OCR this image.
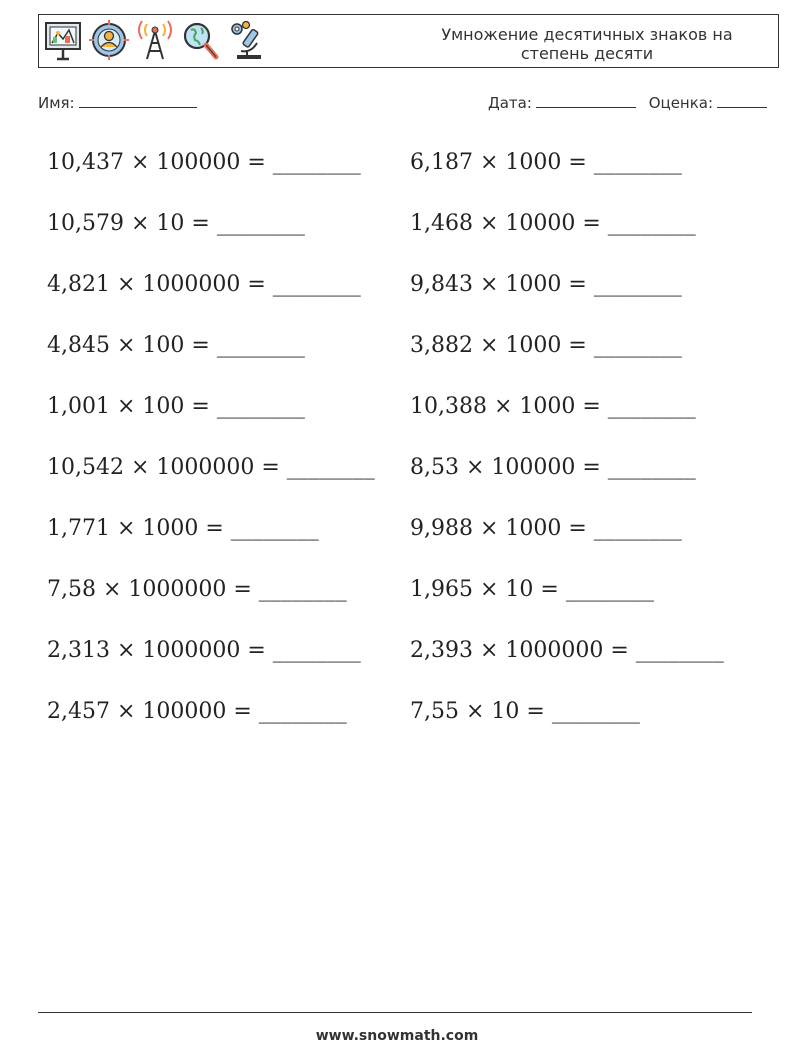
Умножение десятичных знаков на степень десяти
Имя:	Дата:	Оценка:
10,437 × 100000 = ________
10,579 × 10 = ________
4,821 × 1000000 = ________
4,845 × 100 = ________
1,001 × 100 = ________
10,542 × 1000000 = ________
1,771 × 1000 = ________
7,58 × 1000000 = ________
2,313 × 1000000 = ________
2,457 × 100000 = ________
6,187 × 1000 = ________
1,468 × 10000 = ________
9,843 × 1000 = ________
3,882 × 1000 = ________
10,388 × 1000 = ________
8,53 × 100000 = ________
9,988 × 1000 = ________
1,965 × 10 = ________
2,393 × 1000000 = ________
7,55 × 10 = ________
www.snowmath.com
